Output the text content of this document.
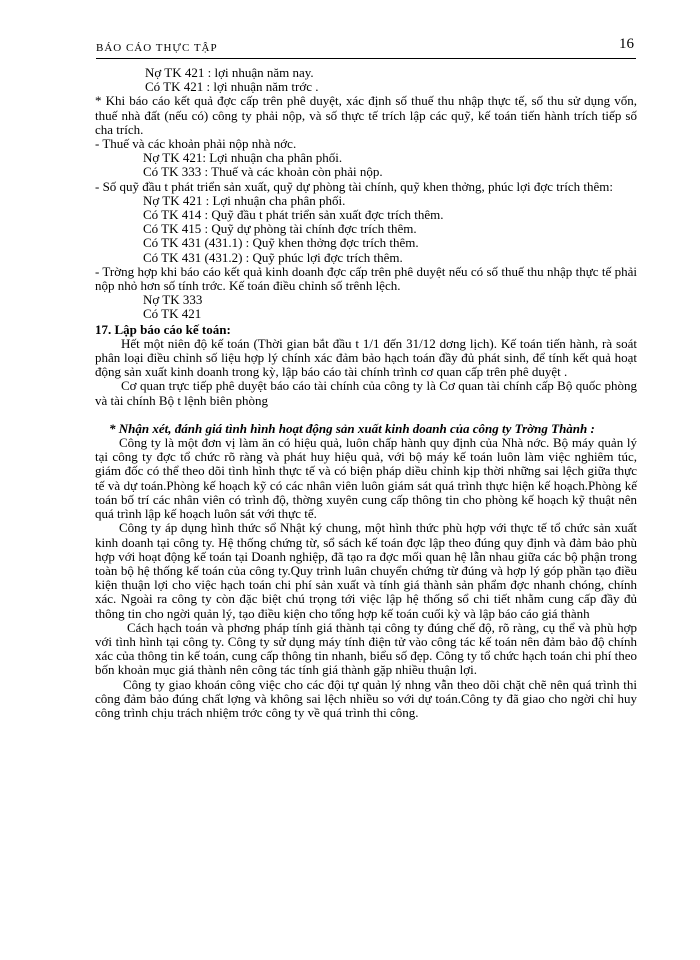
BÁO CÁO THỰC TẬP	16
Nợ TK 421 : lợi nhuận năm nay.
Có TK 421 : lợi nhuận năm trớc .
* Khi báo cáo kết quả đợc cấp trên phê duyệt, xác định số thuế thu nhập thực tế, số thu sử dụng vốn, thuế nhà đất (nếu có) công ty phải nộp, và số thực tế trích lập các quỹ, kế toán tiến hành trích tiếp số cha trích.
- Thuế và các khoản phải nộp nhà nớc.
Nợ TK 421: Lợi nhuận cha phân phối.
Có TK 333 : Thuế và các khoản còn phải nộp.
- Số quỹ đầu t phát triển sản xuất, quỹ dự phòng tài chính, quỹ khen thởng, phúc lợi đợc trích thêm:
Nợ TK 421 : Lợi nhuận cha phân phối.
Có TK 414 : Quỹ đầu t phát triển sản xuất đợc trích thêm.
Có TK 415 : Quỹ dự phòng tài chính đợc trích thêm.
Có TK 431 (431.1) : Quỹ khen thởng đợc trích thêm.
Có TK 431 (431.2) : Quỹ phúc lợi đợc trích thêm.
- Trờng hợp khi báo cáo kết quả kinh doanh đợc cấp trên phê duyệt nếu có số thuế thu nhập thực tế phải nộp nhỏ hơn số tính trớc. Kế toán điều chỉnh số trênh lệch.
Nợ TK 333
Có TK 421
17. Lập báo cáo kế toán:
Hết một niên độ kế toán (Thời gian bắt đầu t 1/1 đến 31/12 dơng lịch). Kế toán tiến hành, rà soát phân loại điều chỉnh số liệu hợp lý chính xác đảm bảo hạch toán đầy đủ phát sinh, để tính kết quả hoạt động sản xuất kinh doanh trong kỳ, lập báo cáo tài chính trình cơ quan cấp trên phê duyệt .
Cơ quan trực tiếp phê duyệt báo cáo tài chính của công ty là Cơ quan tài chính cấp Bộ quốc phòng và tài chính Bộ t lệnh biên phòng
* Nhận xét, đánh giá tình hình hoạt động sản xuất kinh doanh của công ty Trờng Thành :
Công ty là một đơn vị làm ăn có hiệu quả, luôn chấp hành quy định của Nhà nớc. Bộ máy quản lý tại công ty đợc tổ chức rõ ràng và phát huy hiệu quả, với bộ máy kế toán luôn làm việc nghiêm túc, giám đốc có thể theo dõi tình hình thực tế và có biện pháp diều chỉnh kịp thời những sai lệch giữa thực tế và dự toán.Phòng kế hoạch kỹ có các nhân viên luôn giám sát quá trình thực hiện kế hoạch.Phòng kế toán bố trí các nhân viên có trình độ, thờng xuyên cung cấp thông tin cho phòng kế hoạch kỹ thuật nên quá trình lập kế hoạch luôn sát với thực tế.
Công ty áp dụng hình thức sổ Nhật ký chung, một hình thức phù hợp với thực tế tổ chức sản xuất kinh doanh tại công ty. Hệ thống chứng từ, sổ sách kế toán đợc lập theo đúng quy định và đảm bảo phù hợp với hoạt động kế toán tại Doanh nghiệp, đã tạo ra đợc mối quan hệ lẫn nhau giữa các bộ phận trong toàn bộ hệ thống kế toán của công ty.Quy trình luân chuyển chứng từ đúng và hợp lý góp phần tạo điều kiện thuận lợi cho việc hạch toán chi phí sản xuất và tính giá thành sản phẩm đợc nhanh chóng, chính xác. Ngoài ra công ty còn đặc biệt chú trọng tới việc lập hệ thống sổ chi tiết nhằm cung cấp đầy đủ thông tin cho ngời quản lý, tạo điều kiện cho tổng hợp kế toán cuối kỳ và lập báo cáo giá thành
Cách hạch toán và phơng pháp tính giá thành tại công ty đúng chế độ, rõ ràng, cụ thể và phù hợp với tình hình tại công ty. Công ty sử dụng máy tính điện tử vào công tác kế toán nên đảm bảo độ chính xác của thông tin kế toán, cung cấp thông tin nhanh, biểu số đẹp. Công ty tổ chức hạch toán chi phí theo bốn khoản mục giá thành nên công tác tính giá thành gặp nhiều thuận lợi.
Công ty giao khoán công việc cho các đội tự quản lý nhng vẫn theo dõi chặt chẽ nên quá trình thi công đảm bảo đúng chất lợng và không sai lệch nhiều so với dự toán.Công ty đã giao cho ngời chỉ huy công trình chịu trách nhiệm trớc công ty về quá trình thi công.
